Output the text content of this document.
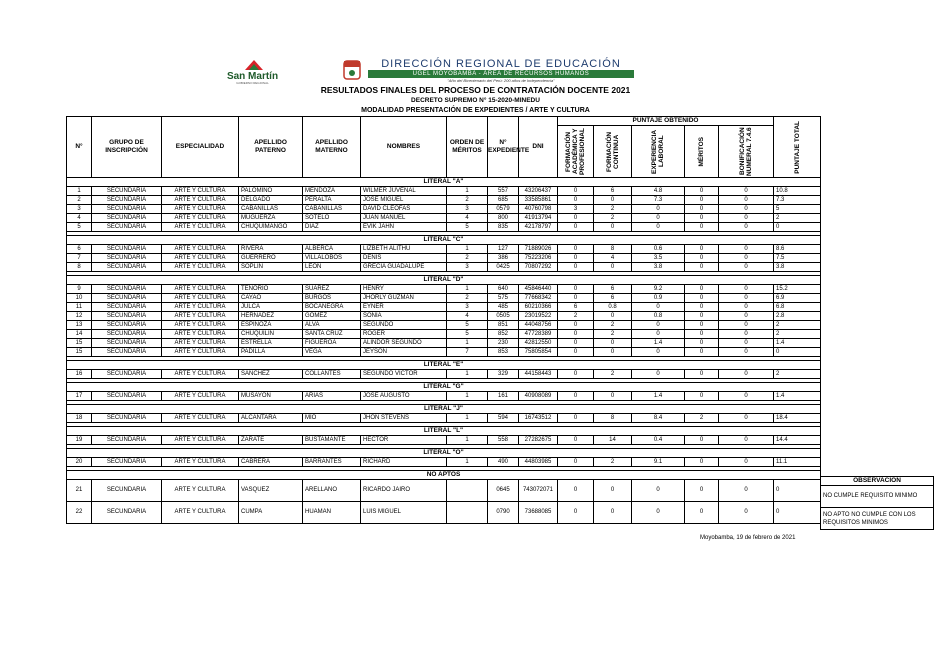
San Martín
GOBIERNO REGIONAL
DIRECCIÓN REGIONAL DE EDUCACIÓN
UGEL MOYOBAMBA - ÁREA DE RECURSOS HUMANOS
"Año del Bicentenario del Perú: 200 años de Independencia"
RESULTADOS FINALES DEL PROCESO DE CONTRATACIÓN DOCENTE 2021
DECRETO SUPREMO N° 15-2020-MINEDU
MODALIDAD PRESENTACIÓN DE EXPEDIENTES / ARTE Y CULTURA
N°	GRUPO DE INSCRIPCIÓN	ESPECIALIDAD	APELLIDO PATERNO	APELLIDO MATERNO	NOMBRES	ORDEN DE MÉRITOS	N° EXPEDIENTE	DNI	PUNTAJE OBTENIDO					PUNTAJE TOTAL

									FORMACIÓN ACADÉMICA Y PROFESIONAL	FORMACIÓN CONTINUA	EXPERIENCIA LABORAL	MÉRITOS	BONIFICACIÓN NUMERAL 7.4.6	

LITERAL "A"														
1	SECUNDARIA	ARTE Y CULTURA	PALOMINO	MENDOZA	WILMER JUVENAL	1	557	43206437	0	6	4.8	0	0	10.8
2	SECUNDARIA	ARTE Y CULTURA	DELGADO	PERALTA	JOSE MIGUEL	2	685	33585861	0	0	7.3	0	0	7.3
3	SECUNDARIA	ARTE Y CULTURA	CABANILLAS	CABANILLAS	DAVID CLEOFAS	3	0579	40760798	3	2	0	0	0	5
4	SECUNDARIA	ARTE Y CULTURA	MUGUERZA	SOTELO	JUAN MANUEL	4	800	41913794	0	2	0	0	0	2
5	SECUNDARIA	ARTE Y CULTURA	CHUQUIMANGO	DIAZ	EVIK JAHN	5	835	42178797	0	0	0	0	0	0

LITERAL "C"														
6	SECUNDARIA	ARTE Y CULTURA	RIVERA	ALBERCA	LIZBETH ALITHU	1	127	71889026	0	8	0.6	0	0	8.6
7	SECUNDARIA	ARTE Y CULTURA	GUERRERO	VILLALOBOS	DENIS	2	386	75223206	0	4	3.5	0	0	7.5
8	SECUNDARIA	ARTE Y CULTURA	SOPLIN	LEON	GRECIA GUADALUPE	3	0425	70807292	0	0	3.8	0	0	3.8

LITERAL "D"														
9	SECUNDARIA	ARTE Y CULTURA	TENORIO	SUAREZ	HENRY	1	640	45846440	0	6	9.2	0	0	15.2
10	SECUNDARIA	ARTE Y CULTURA	CAYAO	BURGOS	JHORLY GUZMAN	2	575	77668342	0	6	0.9	0	0	6.9
11	SECUNDARIA	ARTE Y CULTURA	JULCA	BOCANEGRA	EYNER	3	485	60210366	6	0.8	0	0	0	6.8
12	SECUNDARIA	ARTE Y CULTURA	HERNADEZ	GOMEZ	SONIA	4	0505	23019522	2	0	0.8	0	0	2.8
13	SECUNDARIA	ARTE Y CULTURA	ESPINOZA	ALVA	SEGUNDO	5	851	44048756	0	2	0	0	0	2
14	SECUNDARIA	ARTE Y CULTURA	CHUQUILIN	SANTA CRUZ	ROGER	5	852	47728389	0	2	0	0	0	2
15	SECUNDARIA	ARTE Y CULTURA	ESTRELLA	FIGUEROA	ALINDOR SEGUNDO	1	230	42812550	0	0	1.4	0	0	1.4
15	SECUNDARIA	ARTE Y CULTURA	PADILLA	VEGA	JEYSON	7	853	75805854	0	0	0	0	0	0

LITERAL "E"														
16	SECUNDARIA	ARTE Y CULTURA	SANCHEZ	COLLANTES	SEGUNDO VICTOR	1	329	44158443	0	2	0	0	0	2

LITERAL "G"														
17	SECUNDARIA	ARTE Y CULTURA	MUSAYON	ARIAS	JOSE AUGUSTO	1	161	40908089	0	0	1.4	0	0	1.4

LITERAL "J"														
18	SECUNDARIA	ARTE Y CULTURA	ALCANTARA	MIO	JHON STEVENS	1	594	16743512	0	8	8.4	2	0	18.4

LITERAL "L"														
19	SECUNDARIA	ARTE Y CULTURA	ZARATE	BUSTAMANTE	HECTOR	1	558	27282675	0	14	0.4	0	0	14.4

LITERAL "O"														
20	SECUNDARIA	ARTE Y CULTURA	CABRERA	BARRANTES	RICHARD	1	490	44803985	0	2	9.1	0	0	11.1

NO APTOS														
21	SECUNDARIA	ARTE Y CULTURA	VASQUEZ	ARELLANO	RICARDO JAIRO		0645	743072071	0	0	0	0	0	0
22	SECUNDARIA	ARTE Y CULTURA	CUMPA	HUAMAN	LUIS MIGUEL		0790	73688085	0	0	0	0	0	0
OBSERVACIÓN
NO CUMPLE REQUISITO MINIMO
NO APTO NO CUMPLE CON LOS REQUISITOS MINIMOS
Moyobamba, 19 de febrero de 2021
